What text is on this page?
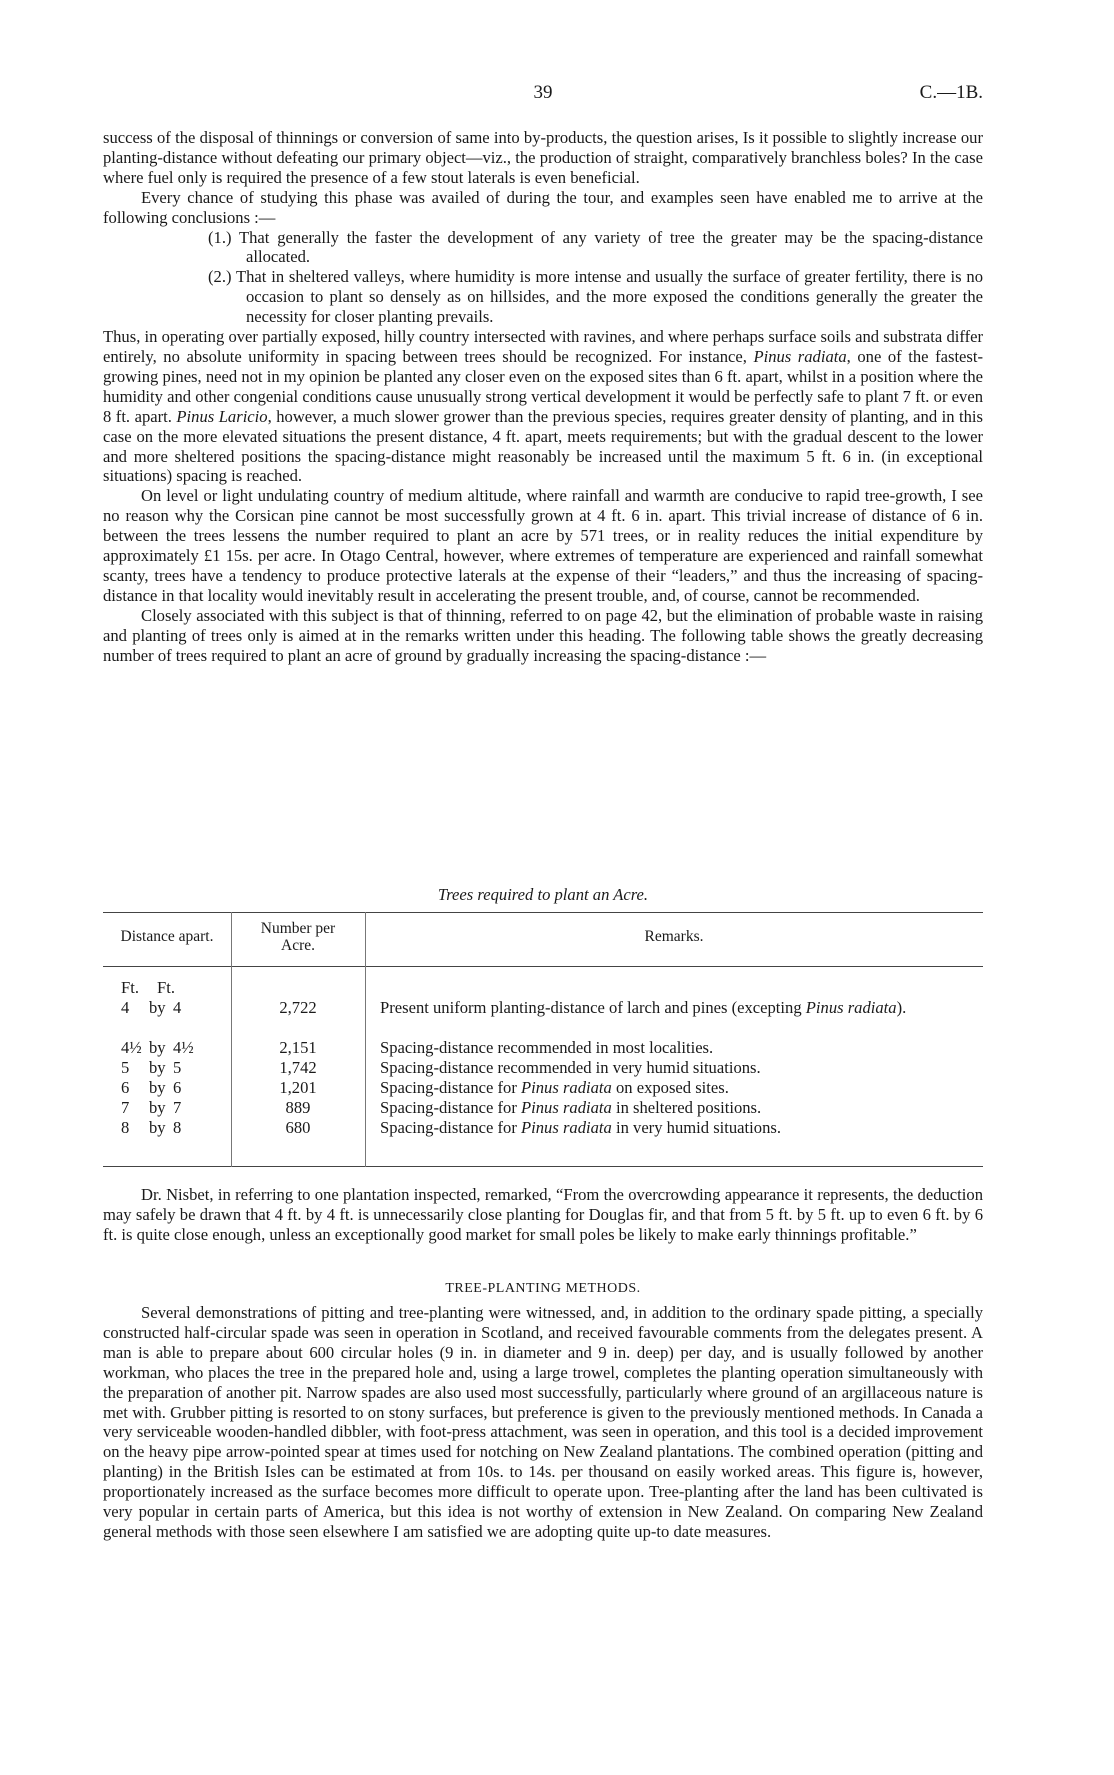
39	C.—1B.

success of the disposal of thinnings or conversion of same into by-products, the question arises, Is it possible to slightly increase our planting-distance without defeating our primary object—viz., the production of straight, comparatively branchless boles? In the case where fuel only is required the presence of a few stout laterals is even beneficial.

Every chance of studying this phase was availed of during the tour, and examples seen have enabled me to arrive at the following conclusions :—

(1.) That generally the faster the development of any variety of tree the greater may be the spacing-distance allocated.

(2.) That in sheltered valleys, where humidity is more intense and usually the surface of greater fertility, there is no occasion to plant so densely as on hillsides, and the more exposed the conditions generally the greater the necessity for closer planting prevails.

Thus, in operating over partially exposed, hilly country intersected with ravines, and where perhaps surface soils and substrata differ entirely, no absolute uniformity in spacing between trees should be recognized. For instance, Pinus radiata, one of the fastest-growing pines, need not in my opinion be planted any closer even on the exposed sites than 6 ft. apart, whilst in a position where the humidity and other congenial conditions cause unusually strong vertical development it would be perfectly safe to plant 7 ft. or even 8 ft. apart. Pinus Laricio, however, a much slower grower than the previous species, requires greater density of planting, and in this case on the more elevated situations the present distance, 4 ft. apart, meets requirements; but with the gradual descent to the lower and more sheltered positions the spacing-distance might reasonably be increased until the maximum 5 ft. 6 in. (in exceptional situations) spacing is reached.

On level or light undulating country of medium altitude, where rainfall and warmth are conducive to rapid tree-growth, I see no reason why the Corsican pine cannot be most successfully grown at 4 ft. 6 in. apart. This trivial increase of distance of 6 in. between the trees lessens the number required to plant an acre by 571 trees, or in reality reduces the initial expenditure by approximately £1 15s. per acre. In Otago Central, however, where extremes of temperature are experienced and rainfall somewhat scanty, trees have a tendency to produce protective laterals at the expense of their “leaders,” and thus the increasing of spacing-distance in that locality would inevitably result in accelerating the present trouble, and, of course, cannot be recommended.

Closely associated with this subject is that of thinning, referred to on page 42, but the elimination of probable waste in raising and planting of trees only is aimed at in the remarks written under this heading. The following table shows the greatly decreasing number of trees required to plant an acre of ground by gradually increasing the spacing-distance :—

Trees required to plant an Acre.
Distance apart.	Number per
Acre.
Remarks.
Ft. Ft.
4 by 4	2,722	Present uniform planting-distance of larch and pines (excepting Pinus radiata).
4½ by 4½	2,151	Spacing-distance recommended in most localities.
5 by 5	1,742	Spacing-distance recommended in very humid situations.
6 by 6	1,201	Spacing-distance for Pinus radiata on exposed sites.
7 by 7	889	Spacing-distance for Pinus radiata in sheltered positions.
8 by 8	680	Spacing-distance for Pinus radiata in very humid situations.

Dr. Nisbet, in referring to one plantation inspected, remarked, “From the overcrowding appearance it represents, the deduction may safely be drawn that 4 ft. by 4 ft. is unnecessarily close planting for Douglas fir, and that from 5 ft. by 5 ft. up to even 6 ft. by 6 ft. is quite close enough, unless an exceptionally good market for small poles be likely to make early thinnings profitable.”

TREE-PLANTING METHODS.

Several demonstrations of pitting and tree-planting were witnessed, and, in addition to the ordinary spade pitting, a specially constructed half-circular spade was seen in operation in Scotland, and received favourable comments from the delegates present. A man is able to prepare about 600 circular holes (9 in. in diameter and 9 in. deep) per day, and is usually followed by another workman, who places the tree in the prepared hole and, using a large trowel, completes the planting operation simultaneously with the preparation of another pit. Narrow spades are also used most successfully, particularly where ground of an argillaceous nature is met with. Grubber pitting is resorted to on stony surfaces, but preference is given to the previously mentioned methods. In Canada a very serviceable wooden-handled dibbler, with foot-press attachment, was seen in operation, and this tool is a decided improvement on the heavy pipe arrow-pointed spear at times used for notching on New Zealand plantations. The combined operation (pitting and planting) in the British Isles can be estimated at from 10s. to 14s. per thousand on easily worked areas. This figure is, however, proportionately increased as the surface becomes more difficult to operate upon. Tree-planting after the land has been cultivated is very popular in certain parts of America, but this idea is not worthy of extension in New Zealand. On comparing New Zealand general methods with those seen elsewhere I am satisfied we are adopting quite up-to date measures.
